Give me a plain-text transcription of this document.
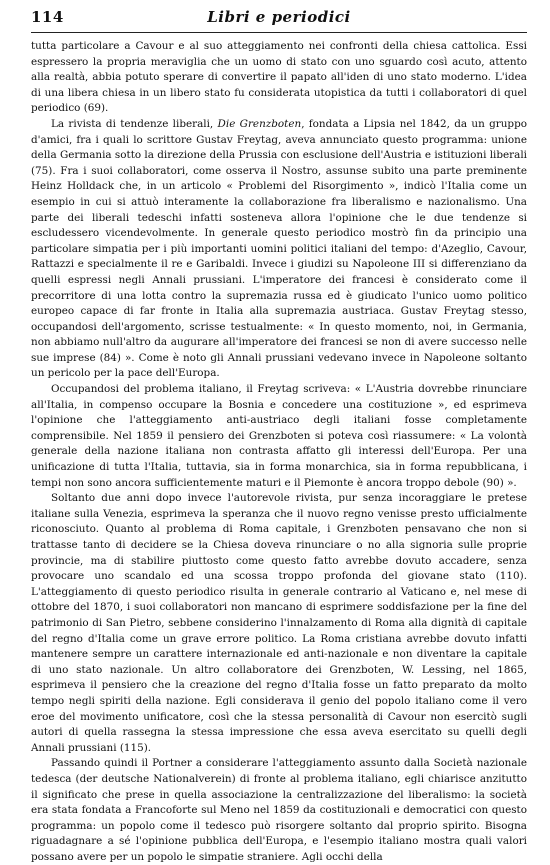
114	Libri e periodici

tutta particolare a Cavour e al suo atteggiamento nei confronti della chiesa cattolica. Essi espressero la propria meraviglia che un uomo di stato con uno sguardo così acuto, attento alla realtà, abbia potuto sperare di convertire il papato all'iden di uno stato moderno. L'idea di una libera chiesa in un libero stato fu considerata utopistica da tutti i collaboratori di quel periodico (69).

La rivista di tendenze liberali, Die Grenzboten, fondata a Lipsia nel 1842, da un gruppo d'amici, fra i quali lo scrittore Gustav Freytag, aveva annunciato questo programma: unione della Germania sotto la direzione della Prussia con esclusione dell'Austria e istituzioni liberali (75). Fra i suoi collaboratori, come osserva il Nostro, assunse subito una parte preminente Heinz Holldack che, in un articolo « Problemi del Risorgimento », indicò l'Italia come un esempio in cui si attuò interamente la collaborazione fra liberalismo e nazionalismo. Una parte dei liberali tedeschi infatti sosteneva allora l'opinione che le due tendenze si escludessero vicendevolmente. In generale questo periodico mostrò fin da principio una particolare simpatia per i più importanti uomini politici italiani del tempo: d'Azeglio, Cavour, Rattazzi e specialmente il re e Garibaldi. Invece i giudizi su Napoleone III si differenziano da quelli espressi negli Annali prussiani. L'imperatore dei francesi è considerato come il precorritore di una lotta contro la supremazia russa ed è giudicato l'unico uomo politico europeo capace di far fronte in Italia alla supremazia austriaca. Gustav Freytag stesso, occupandosi dell'argomento, scrisse testualmente: « In questo momento, noi, in Germania, non abbiamo null'altro da augurare all'imperatore dei francesi se non di avere successo nelle sue imprese (84) ». Come è noto gli Annali prussiani vedevano invece in Napoleone soltanto un pericolo per la pace dell'Europa.

Occupandosi del problema italiano, il Freytag scriveva: « L'Austria dovrebbe rinunciare all'Italia, in compenso occupare la Bosnia e concedere una costituzione », ed esprimeva l'opinione che l'atteggiamento anti-austriaco degli italiani fosse completamente comprensibile. Nel 1859 il pensiero dei Grenzboten si poteva così riassumere: « La volontà generale della nazione italiana non contrasta affatto gli interessi dell'Europa. Per una unificazione di tutta l'Italia, tuttavia, sia in forma monarchica, sia in forma repubblicana, i tempi non sono ancora sufficientemente maturi e il Piemonte è ancora troppo debole (90) ».

Soltanto due anni dopo invece l'autorevole rivista, pur senza incoraggiare le pretese italiane sulla Venezia, esprimeva la speranza che il nuovo regno venisse presto ufficialmente riconosciuto. Quanto al problema di Roma capitale, i Grenzboten pensavano che non si trattasse tanto di decidere se la Chiesa doveva rinunciare o no alla signoria sulle proprie provincie, ma di stabilire piuttosto come questo fatto avrebbe dovuto accadere, senza provocare uno scandalo ed una scossa troppo profonda del giovane stato (110). L'atteggiamento di questo periodico risulta in generale contrario al Vaticano e, nel mese di ottobre del 1870, i suoi collaboratori non mancano di esprimere soddisfazione per la fine del patrimonio di San Pietro, sebbene considerino l'innalzamento di Roma alla dignità di capitale del regno d'Italia come un grave errore politico. La Roma cristiana avrebbe dovuto infatti mantenere sempre un carattere internazionale ed anti-nazionale e non diventare la capitale di uno stato nazionale. Un altro collaboratore dei Grenzboten, W. Lessing, nel 1865, esprimeva il pensiero che la creazione del regno d'Italia fosse un fatto preparato da molto tempo negli spiriti della nazione. Egli considerava il genio del popolo italiano come il vero eroe del movimento unificatore, così che la stessa personalità di Cavour non esercitò sugli autori di quella rassegna la stessa impressione che essa aveva esercitato su quelli degli Annali prussiani (115).

Passando quindi il Portner a considerare l'atteggiamento assunto dalla Società nazionale tedesca (der deutsche Nationalverein) di fronte al problema italiano, egli chiarisce anzitutto il significato che prese in quella associazione la centralizzazione del liberalismo: la società era stata fondata a Francoforte sul Meno nel 1859 da costituzionali e democratici con questo programma: un popolo come il tedesco può risorgere soltanto dal proprio spirito. Bisogna riguadagnare a sé l'opinione pubblica dell'Europa, e l'esempio italiano mostra quali valori possano avere per un popolo le simpatie straniere. Agli occhi della
